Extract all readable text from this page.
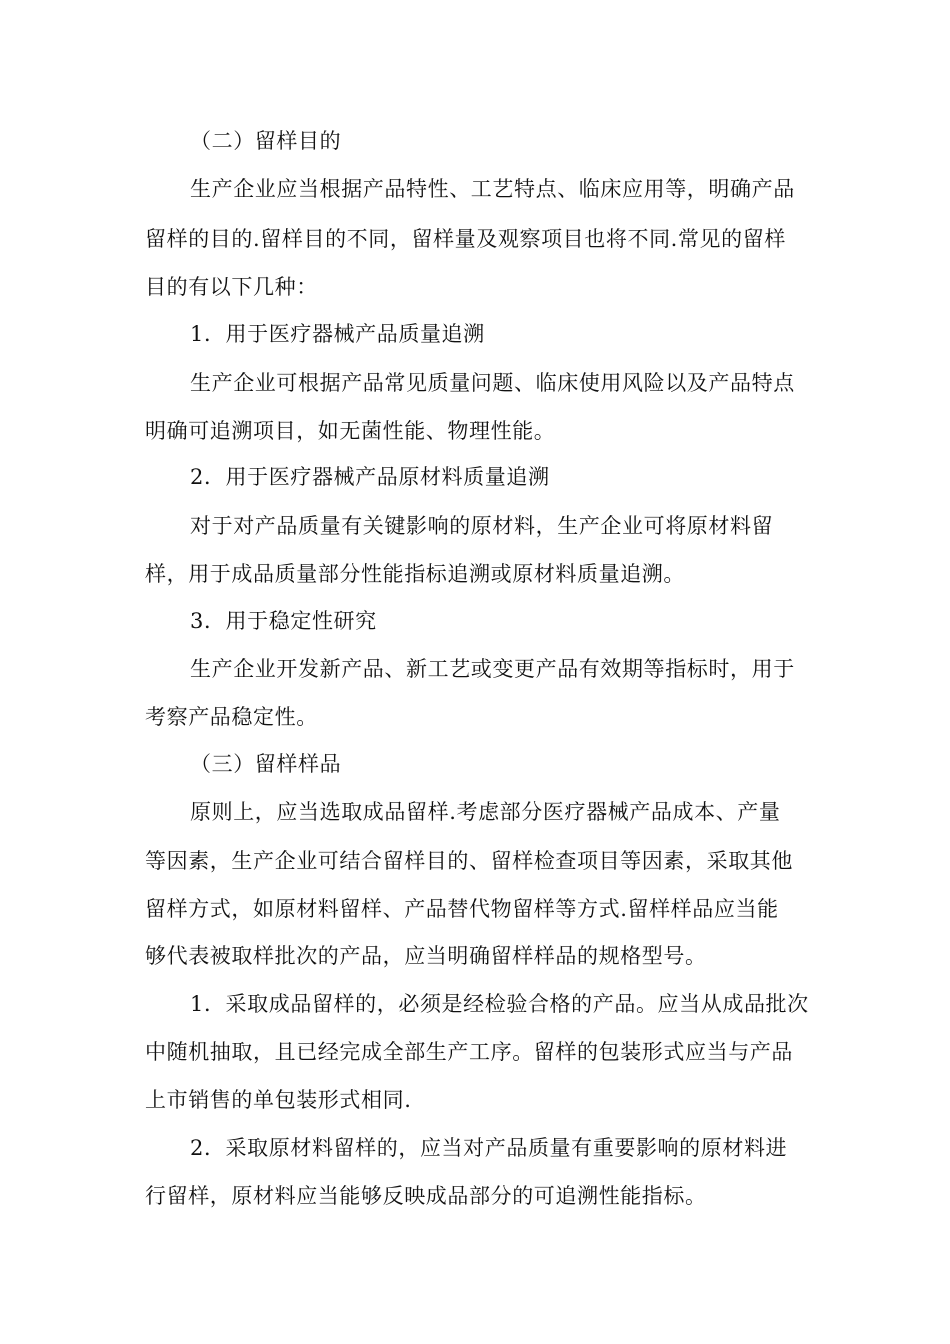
（二）留样目的
生产企业应当根据产品特性、工艺特点、临床应用等，明确产品
留样的目的.留样目的不同，留样量及观察项目也将不同.常见的留样
目的有以下几种：
1．用于医疗器械产品质量追溯
生产企业可根据产品常见质量问题、临床使用风险以及产品特点
明确可追溯项目，如无菌性能、物理性能。
2．用于医疗器械产品原材料质量追溯
对于对产品质量有关键影响的原材料，生产企业可将原材料留
样，用于成品质量部分性能指标追溯或原材料质量追溯。
3．用于稳定性研究
生产企业开发新产品、新工艺或变更产品有效期等指标时，用于
考察产品稳定性。
（三）留样样品
原则上，应当选取成品留样.考虑部分医疗器械产品成本、产量
等因素，生产企业可结合留样目的、留样检查项目等因素，采取其他
留样方式，如原材料留样、产品替代物留样等方式.留样样品应当能
够代表被取样批次的产品，应当明确留样样品的规格型号。
1．采取成品留样的，必须是经检验合格的产品。应当从成品批次
中随机抽取，且已经完成全部生产工序。留样的包装形式应当与产品
上市销售的单包装形式相同.
2．采取原材料留样的，应当对产品质量有重要影响的原材料进
行留样，原材料应当能够反映成品部分的可追溯性能指标。
